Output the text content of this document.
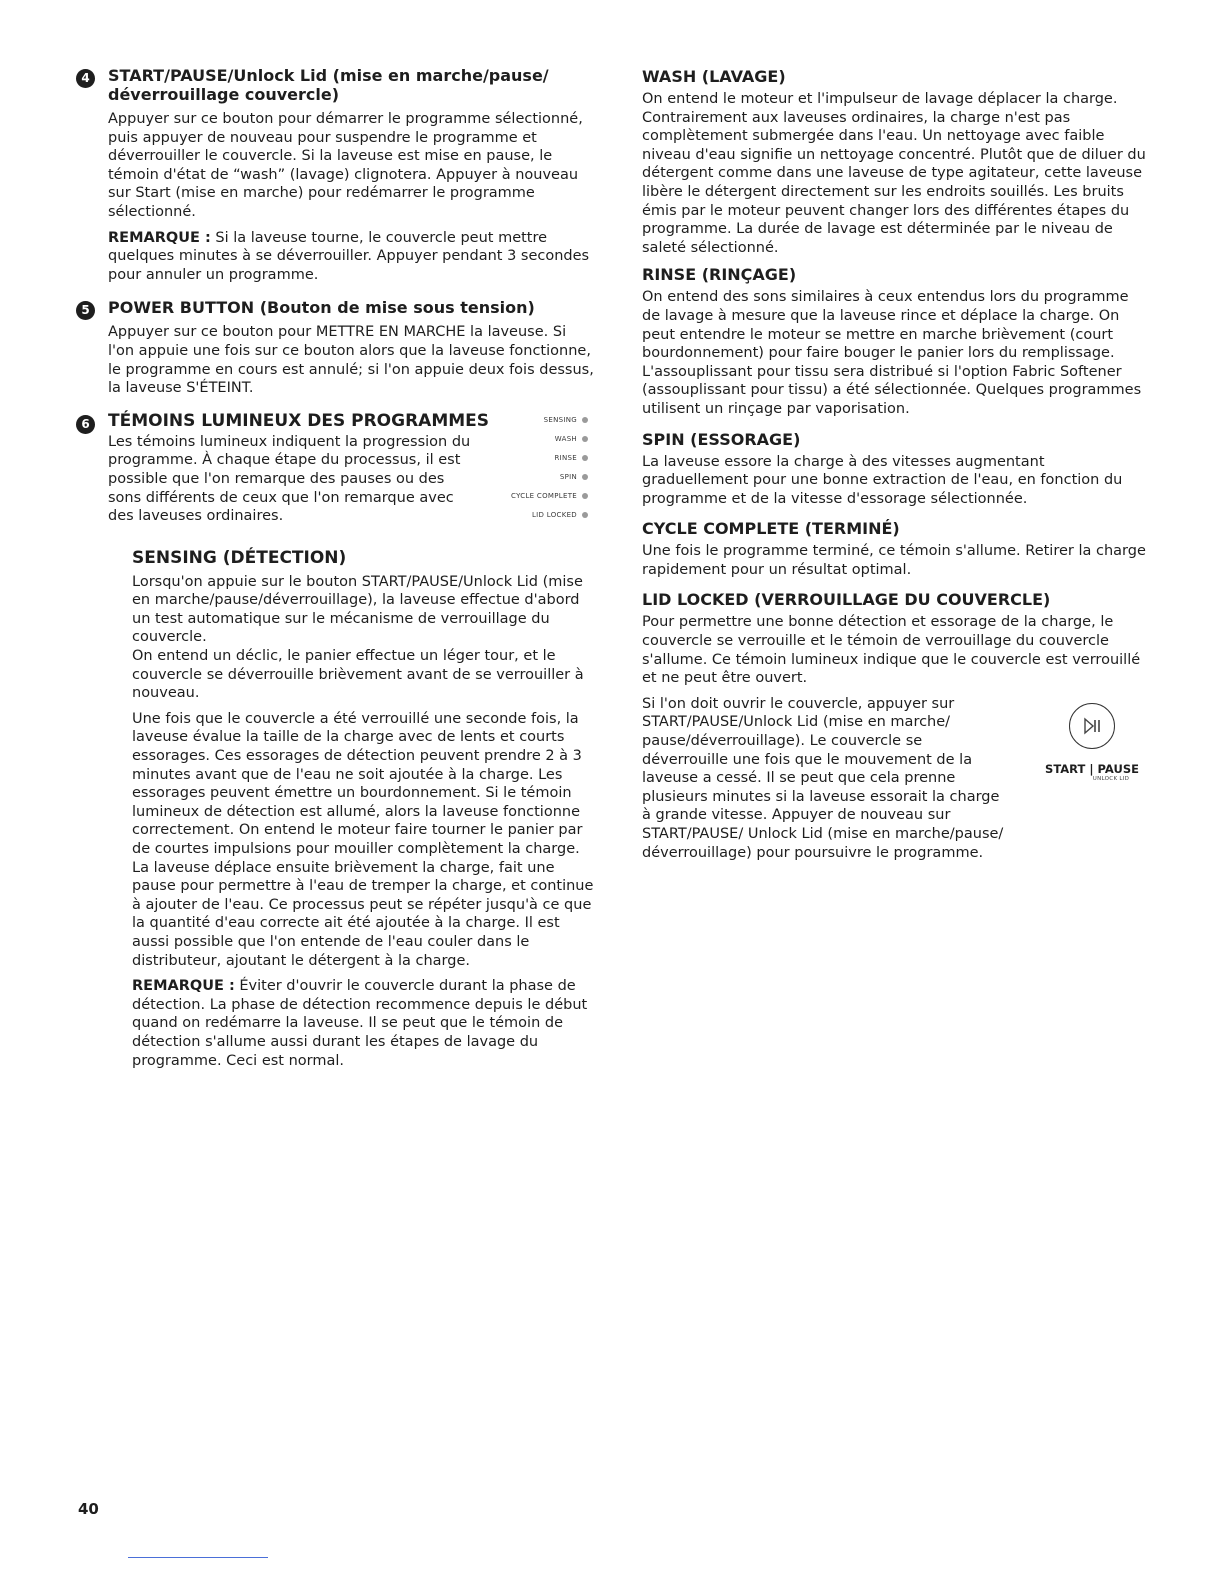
4	START/PAUSE/Unlock Lid (mise en marche/pause/

déverrouillage couvercle)

Appuyer sur ce bouton pour démarrer le programme sélectionné, puis appuyer de nouveau pour suspendre le programme et déverrouiller le couvercle. Si la laveuse est mise en pause, le témoin d'état de “wash” (lavage) clignotera. Appuyer à nouveau sur Start (mise en marche) pour redémarrer le programme sélectionné.

REMARQUE : Si la laveuse tourne, le couvercle peut mettre quelques minutes à se déverrouiller. Appuyer pendant 3 secondes pour annuler un programme.

5	POWER BUTTON (Bouton de mise sous tension)

Appuyer sur ce bouton pour METTRE EN MARCHE la laveuse. Si l'on appuie une fois sur ce bouton alors que la laveuse fonctionne, le programme en cours est annulé; si l'on appuie deux fois dessus, la laveuse S'ÉTEINT.

6	TÉMOINS LUMINEUX DES PROGRAMMES	SENSING
WASH
RINSE
SPIN
CYCLE COMPLETE
LID LOCKED

Les témoins lumineux indiquent la progression du programme. À chaque étape du processus, il est possible que l'on remarque des pauses ou des sons différents de ceux que l'on remarque avec des laveuses ordinaires.

SENSING (DÉTECTION)

Lorsqu'on appuie sur le bouton START/PAUSE/Unlock Lid (mise en marche/pause/déverrouillage), la laveuse effectue d'abord un test automatique sur le mécanisme de verrouillage du couvercle.

On entend un déclic, le panier effectue un léger tour, et le couvercle se déverrouille brièvement avant de se verrouiller à nouveau.

Une fois que le couvercle a été verrouillé une seconde fois, la laveuse évalue la taille de la charge avec de lents et courts essorages. Ces essorages de détection peuvent prendre 2 à 3 minutes avant que de l'eau ne soit ajoutée à la charge. Les essorages peuvent émettre un bourdonnement. Si le témoin lumineux de détection est allumé, alors la laveuse fonctionne correctement. On entend le moteur faire tourner le panier par de courtes impulsions pour mouiller complètement la charge. La laveuse déplace ensuite brièvement la charge, fait une pause pour permettre à l'eau de tremper la charge, et continue à ajouter de l'eau. Ce processus peut se répéter jusqu'à ce que la quantité d'eau correcte ait été ajoutée à la charge. Il est aussi possible que l'on entende de l'eau couler dans le distributeur, ajoutant le détergent à la charge.

REMARQUE : Éviter d'ouvrir le couvercle durant la phase de détection. La phase de détection recommence depuis le début quand on redémarre la laveuse. Il se peut que le témoin de détection s'allume aussi durant les étapes de lavage du programme. Ceci est normal.

WASH (LAVAGE)

On entend le moteur et l'impulseur de lavage déplacer la charge. Contrairement aux laveuses ordinaires, la charge n'est pas complètement submergée dans l'eau. Un nettoyage avec faible niveau d'eau signifie un nettoyage concentré. Plutôt que de diluer du détergent comme dans une laveuse de type agitateur, cette laveuse libère le détergent directement sur les endroits souillés. Les bruits émis par le moteur peuvent changer lors des différentes étapes du programme. La durée de lavage est déterminée par le niveau de saleté sélectionné.

RINSE (RINÇAGE)

On entend des sons similaires à ceux entendus lors du programme de lavage à mesure que la laveuse rince et déplace la charge. On peut entendre le moteur se mettre en marche brièvement (court bourdonnement) pour faire bouger le panier lors du remplissage. L'assouplissant pour tissu sera distribué si l'option Fabric Softener (assouplissant pour tissu) a été sélectionnée. Quelques programmes utilisent un rinçage par vaporisation.

SPIN (ESSORAGE)

La laveuse essore la charge à des vitesses augmentant graduellement pour une bonne extraction de l'eau, en fonction du programme et de la vitesse d'essorage sélectionnée.

CYCLE COMPLETE (TERMINÉ)

Une fois le programme terminé, ce témoin s'allume. Retirer la charge rapidement pour un résultat optimal.

LID LOCKED (VERROUILLAGE DU COUVERCLE)

Pour permettre une bonne détection et essorage de la charge, le couvercle se verrouille et le témoin de verrouillage du couvercle s'allume. Ce témoin lumineux indique que le couvercle est verrouillé et ne peut être ouvert.

START | PAUSE
UNLOCK LID

Si l'on doit ouvrir le couvercle, appuyer sur START/PAUSE/Unlock Lid (mise en marche/ pause/déverrouillage). Le couvercle se déverrouille une fois que le mouvement de la laveuse a cessé. Il se peut que cela prenne plusieurs minutes si la laveuse essorait la charge à grande vitesse. Appuyer de nouveau sur START/PAUSE/ Unlock Lid (mise en marche/pause/ déverrouillage) pour poursuivre le programme.

40
